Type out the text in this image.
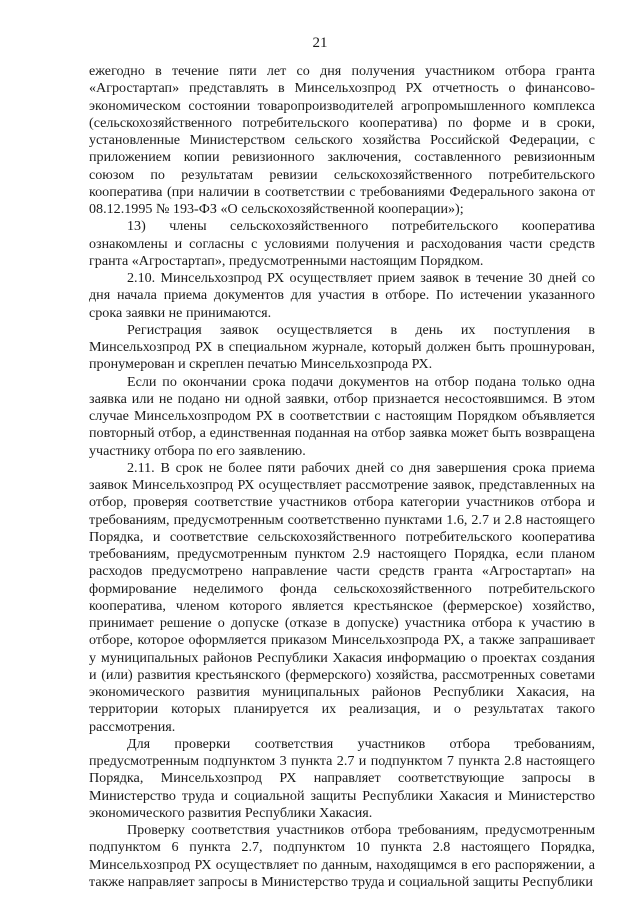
21

ежегодно в течение пяти лет со дня получения участником отбора гранта «Агростартап» представлять в Минсельхозпрод РХ отчетность о финансово-экономическом состоянии товаропроизводителей агропромышленного комплекса (сельскохозяйственного потребительского кооператива) по форме и в сроки, установленные Министерством сельского хозяйства Российской Федерации, с приложением копии ревизионного заключения, составленного ревизионным союзом по результатам ревизии сельскохозяйственного потребительского кооператива (при наличии в соответствии с требованиями Федерального закона от 08.12.1995 № 193-ФЗ «О сельскохозяйственной кооперации»);

13) члены сельскохозяйственного потребительского кооператива ознакомлены и согласны с условиями получения и расходования части средств гранта «Агростартап», предусмотренными настоящим Порядком.

2.10. Минсельхозпрод РХ осуществляет прием заявок в течение 30 дней со дня начала приема документов для участия в отборе. По истечении указанного срока заявки не принимаются.

Регистрация заявок осуществляется в день их поступления в Минсельхозпрод РХ в специальном журнале, который должен быть прошнурован, пронумерован и скреплен печатью Минсельхозпрода РХ.

Если по окончании срока подачи документов на отбор подана только одна заявка или не подано ни одной заявки, отбор признается несостоявшимся. В этом случае Минсельхозпродом РХ в соответствии с настоящим Порядком объявляется повторный отбор, а единственная поданная на отбор заявка может быть возвращена участнику отбора по его заявлению.

2.11. В срок не более пяти рабочих дней со дня завершения срока приема заявок Минсельхозпрод РХ осуществляет рассмотрение заявок, представленных на отбор, проверяя соответствие участников отбора категории участников отбора и требованиям, предусмотренным соответственно пунктами 1.6, 2.7 и 2.8 настоящего Порядка, и соответствие сельскохозяйственного потребительского кооператива требованиям, предусмотренным пунктом 2.9 настоящего Порядка, если планом расходов предусмотрено направление части средств гранта «Агростартап» на формирование неделимого фонда сельскохозяйственного потребительского кооператива, членом которого является крестьянское (фермерское) хозяйство, принимает решение о допуске (отказе в допуске) участника отбора к участию в отборе, которое оформляется приказом Минсельхозпрода РХ, а также запрашивает у муниципальных районов Республики Хакасия информацию о проектах создания и (или) развития крестьянского (фермерского) хозяйства, рассмотренных советами экономического развития муниципальных районов Республики Хакасия, на территории которых планируется их реализация, и о результатах такого рассмотрения.

Для проверки соответствия участников отбора требованиям, предусмотренным подпунктом 3 пункта 2.7 и подпунктом 7 пункта 2.8 настоящего Порядка, Минсельхозпрод РХ направляет соответствующие запросы в Министерство труда и социальной защиты Республики Хакасия и Министерство экономического развития Республики Хакасия.

Проверку соответствия участников отбора требованиям, предусмотренным подпунктом 6 пункта 2.7, подпунктом 10 пункта 2.8 настоящего Порядка, Минсельхозпрод РХ осуществляет по данным, находящимся в его распоряжении, а также направляет запросы в Министерство труда и социальной защиты Республики
